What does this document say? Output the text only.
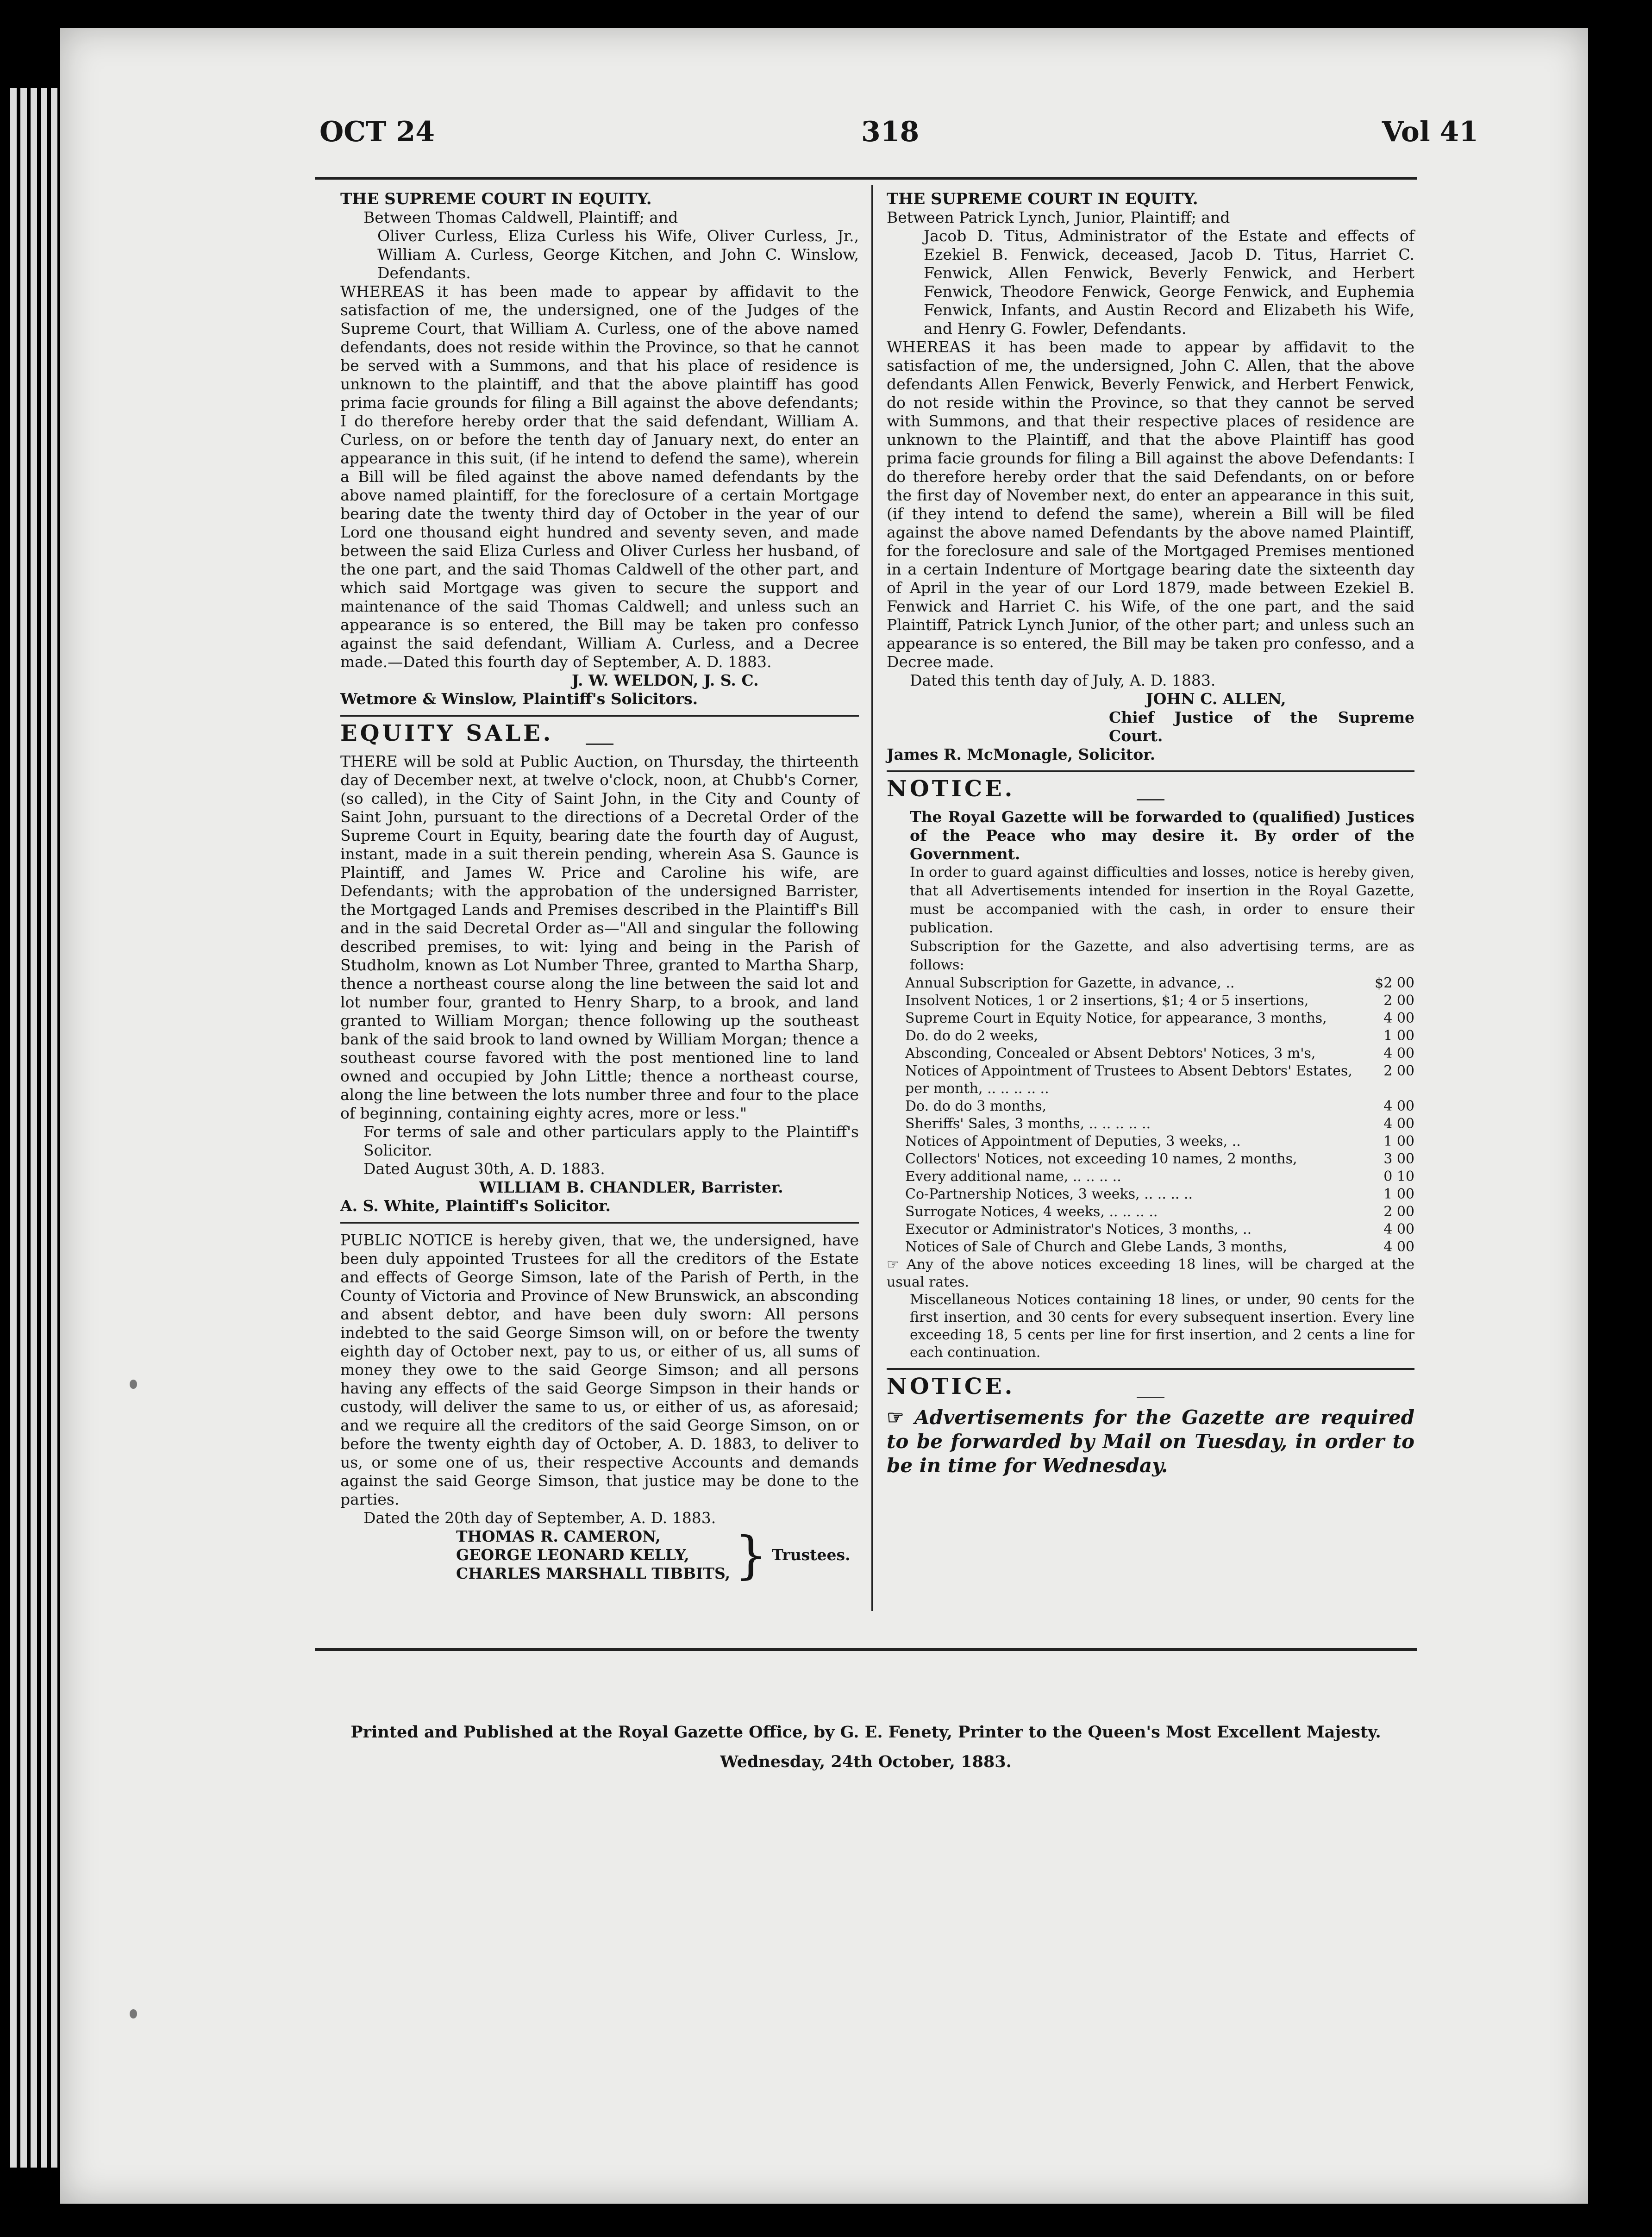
OCT 24	318	Vol 41

THE SUPREME COURT IN EQUITY.

Between Thomas Caldwell, Plaintiff; and

Oliver Curless, Eliza Curless his Wife, Oliver Curless, Jr., William A. Curless, George Kitchen, and John C. Winslow, Defendants.

WHEREAS it has been made to appear by affidavit to the satisfaction of me, the undersigned, one of the Judges of the Supreme Court, that William A. Curless, one of the above named defendants, does not reside within the Province, so that he cannot be served with a Summons, and that his place of residence is unknown to the plaintiff, and that the above plaintiff has good prima facie grounds for filing a Bill against the above defendants; I do therefore hereby order that the said defendant, William A. Curless, on or before the tenth day of January next, do enter an appearance in this suit, (if he intend to defend the same), wherein a Bill will be filed against the above named defendants by the above named plaintiff, for the foreclosure of a certain Mortgage bearing date the twenty third day of October in the year of our Lord one thousand eight hundred and seventy seven, and made between the said Eliza Curless and Oliver Curless her husband, of the one part, and the said Thomas Caldwell of the other part, and which said Mortgage was given to secure the support and maintenance of the said Thomas Caldwell; and unless such an appearance is so entered, the Bill may be taken pro confesso against the said defendant, William A. Curless, and a Decree made.—Dated this fourth day of September, A. D. 1883.

J. W. WELDON, J. S. C.

Wetmore & Winslow, Plaintiff's Solicitors.

EQUITY SALE.

THERE will be sold at Public Auction, on Thursday, the thirteenth day of December next, at twelve o'clock, noon, at Chubb's Corner, (so called), in the City of Saint John, in the City and County of Saint John, pursuant to the directions of a Decretal Order of the Supreme Court in Equity, bearing date the fourth day of August, instant, made in a suit therein pending, wherein Asa S. Gaunce is Plaintiff, and James W. Price and Caroline his wife, are Defendants; with the approbation of the undersigned Barrister, the Mortgaged Lands and Premises described in the Plaintiff's Bill and in the said Decretal Order as—"All and singular the following described premises, to wit: lying and being in the Parish of Studholm, known as Lot Number Three, granted to Martha Sharp, thence a northeast course along the line between the said lot and lot number four, granted to Henry Sharp, to a brook, and land granted to William Morgan; thence following up the southeast bank of the said brook to land owned by William Morgan; thence a southeast course favored with the post mentioned line to land owned and occupied by John Little; thence a northeast course, along the line between the lots number three and four to the place of beginning, containing eighty acres, more or less."

For terms of sale and other particulars apply to the Plaintiff's Solicitor.

Dated August 30th, A. D. 1883.

WILLIAM B. CHANDLER, Barrister.

A. S. White, Plaintiff's Solicitor.

PUBLIC NOTICE is hereby given, that we, the undersigned, have been duly appointed Trustees for all the creditors of the Estate and effects of George Simson, late of the Parish of Perth, in the County of Victoria and Province of New Brunswick, an absconding and absent debtor, and have been duly sworn: All persons indebted to the said George Simson will, on or before the twenty eighth day of October next, pay to us, or either of us, all sums of money they owe to the said George Simson; and all persons having any effects of the said George Simpson in their hands or custody, will deliver the same to us, or either of us, as aforesaid; and we require all the creditors of the said George Simson, on or before the twenty eighth day of October, A. D. 1883, to deliver to us, or some one of us, their respective Accounts and demands against the said George Simson, that justice may be done to the parties.

Dated the 20th day of September, A. D. 1883.

THOMAS R. CAMERON,
GEORGE LEONARD KELLY,
CHARLES MARSHALL TIBBITS, } Trustees.

THE SUPREME COURT IN EQUITY.

Between Patrick Lynch, Junior, Plaintiff; and

Jacob D. Titus, Administrator of the Estate and effects of Ezekiel B. Fenwick, deceased, Jacob D. Titus, Harriet C. Fenwick, Allen Fenwick, Beverly Fenwick, and Herbert Fenwick, Theodore Fenwick, George Fenwick, and Euphemia Fenwick, Infants, and Austin Record and Elizabeth his Wife, and Henry G. Fowler, Defendants.

WHEREAS it has been made to appear by affidavit to the satisfaction of me, the undersigned, John C. Allen, that the above defendants Allen Fenwick, Beverly Fenwick, and Herbert Fenwick, do not reside within the Province, so that they cannot be served with Summons, and that their respective places of residence are unknown to the Plaintiff, and that the above Plaintiff has good prima facie grounds for filing a Bill against the above Defendants: I do therefore hereby order that the said Defendants, on or before the first day of November next, do enter an appearance in this suit, (if they intend to defend the same), wherein a Bill will be filed against the above named Defendants by the above named Plaintiff, for the foreclosure and sale of the Mortgaged Premises mentioned in a certain Indenture of Mortgage bearing date the sixteenth day of April in the year of our Lord 1879, made between Ezekiel B. Fenwick and Harriet C. his Wife, of the one part, and the said Plaintiff, Patrick Lynch Junior, of the other part; and unless such an appearance is so entered, the Bill may be taken pro confesso, and a Decree made.

Dated this tenth day of July, A. D. 1883.

JOHN C. ALLEN,

Chief Justice of the Supreme Court.

James R. McMonagle, Solicitor.

NOTICE.

The Royal Gazette will be forwarded to (qualified) Justices of the Peace who may desire it. By order of the Government.

In order to guard against difficulties and losses, notice is hereby given, that all Advertisements intended for insertion in the Royal Gazette, must be accompanied with the cash, in order to ensure their publication.

Subscription for the Gazette, and also advertising terms, are as follows:

Annual Subscription for Gazette, in advance, ..	$2 00
Insolvent Notices, 1 or 2 insertions, $1; 4 or 5 insertions,	2 00
Supreme Court in Equity Notice, for appearance, 3 months,	4 00
Do. do do 2 weeks,	1 00
Absconding, Concealed or Absent Debtors' Notices, 3 m's,	4 00
Notices of Appointment of Trustees to Absent Debtors' Estates, per month, .. .. .. .. ..
2 00
Do. do do 3 months,	4 00
Sheriffs' Sales, 3 months, .. .. .. .. ..	4 00
Notices of Appointment of Deputies, 3 weeks, ..	1 00
Collectors' Notices, not exceeding 10 names, 2 months,	3 00
Every additional name, .. .. .. ..	0 10
Co-Partnership Notices, 3 weeks, .. .. .. ..	1 00
Surrogate Notices, 4 weeks, .. .. .. ..	2 00
Executor or Administrator's Notices, 3 months, ..	4 00
Notices of Sale of Church and Glebe Lands, 3 months,	4 00

☞ Any of the above notices exceeding 18 lines, will be charged at the usual rates.

Miscellaneous Notices containing 18 lines, or under, 90 cents for the first insertion, and 30 cents for every subsequent insertion. Every line exceeding 18, 5 cents per line for first insertion, and 2 cents a line for each continuation.

NOTICE.

☞ Advertisements for the Gazette are required to be forwarded by Mail on Tuesday, in order to be in time for Wednesday.

Printed and Published at the Royal Gazette Office, by G. E. Fenety, Printer to the Queen's Most Excellent Majesty.
Wednesday, 24th October, 1883.
